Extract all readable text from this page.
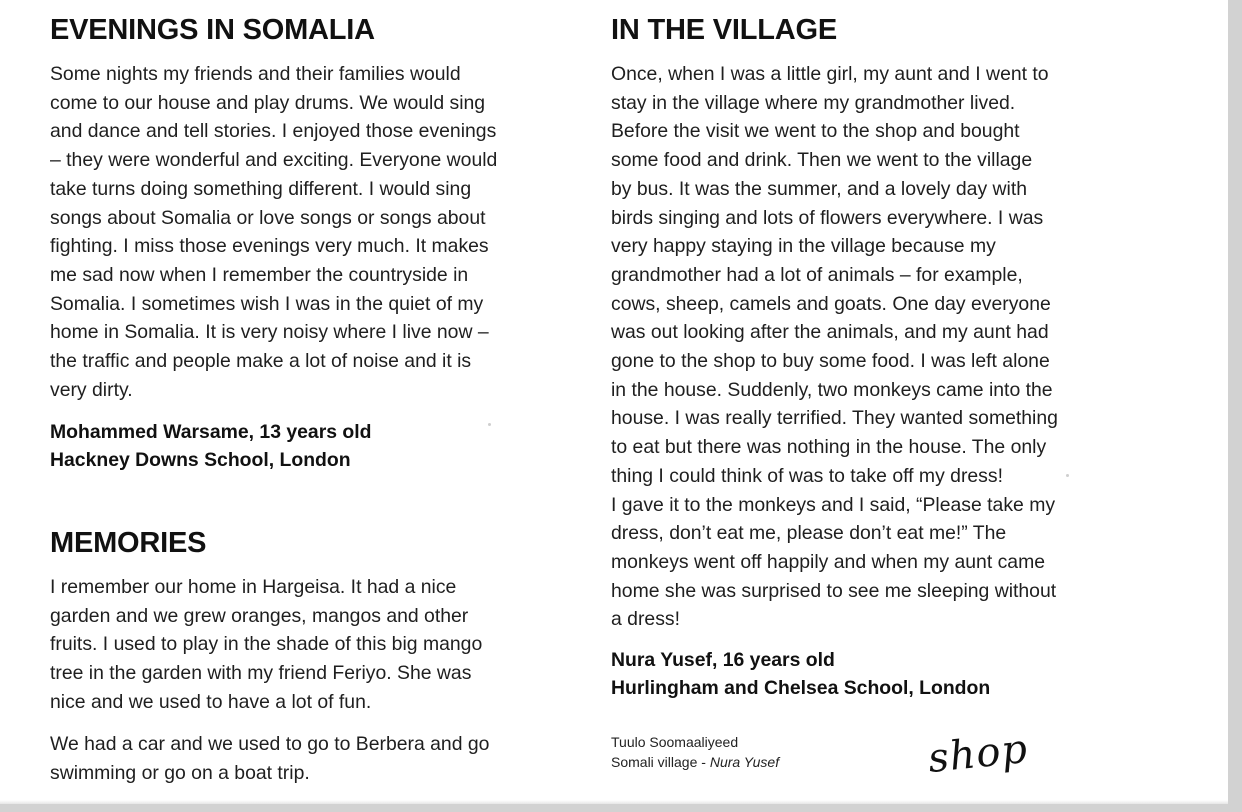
EVENINGS IN SOMALIA

Some nights my friends and their families would
come to our house and play drums. We would sing
and dance and tell stories. I enjoyed those evenings
– they were wonderful and exciting. Everyone would
take turns doing something different. I would sing
songs about Somalia or love songs or songs about
fighting. I miss those evenings very much. It makes
me sad now when I remember the countryside in
Somalia. I sometimes wish I was in the quiet of my
home in Somalia. It is very noisy where I live now –
the traffic and people make a lot of noise and it is
very dirty.

Mohammed Warsame, 13 years old
Hackney Downs School, London
MEMORIES

I remember our home in Hargeisa. It had a nice
garden and we grew oranges, mangos and other
fruits. I used to play in the shade of this big mango
tree in the garden with my friend Feriyo. She was
nice and we used to have a lot of fun.

We had a car and we used to go to Berbera and go
swimming or go on a boat trip.

IN THE VILLAGE

Once, when I was a little girl, my aunt and I went to
stay in the village where my grandmother lived.
Before the visit we went to the shop and bought
some food and drink. Then we went to the village
by bus. It was the summer, and a lovely day with
birds singing and lots of flowers everywhere. I was
very happy staying in the village because my
grandmother had a lot of animals – for example,
cows, sheep, camels and goats. One day everyone
was out looking after the animals, and my aunt had
gone to the shop to buy some food. I was left alone
in the house. Suddenly, two monkeys came into the
house. I was really terrified. They wanted something
to eat but there was nothing in the house. The only
thing I could think of was to take off my dress!
I gave it to the monkeys and I said, “Please take my
dress, don’t eat me, please don’t eat me!” The
monkeys went off happily and when my aunt came
home she was surprised to see me sleeping without
a dress!

Nura Yusef, 16 years old
Hurlingham and Chelsea School, London
Tuulo Soomaaliyeed
Somali village - Nura Yusef	shop
